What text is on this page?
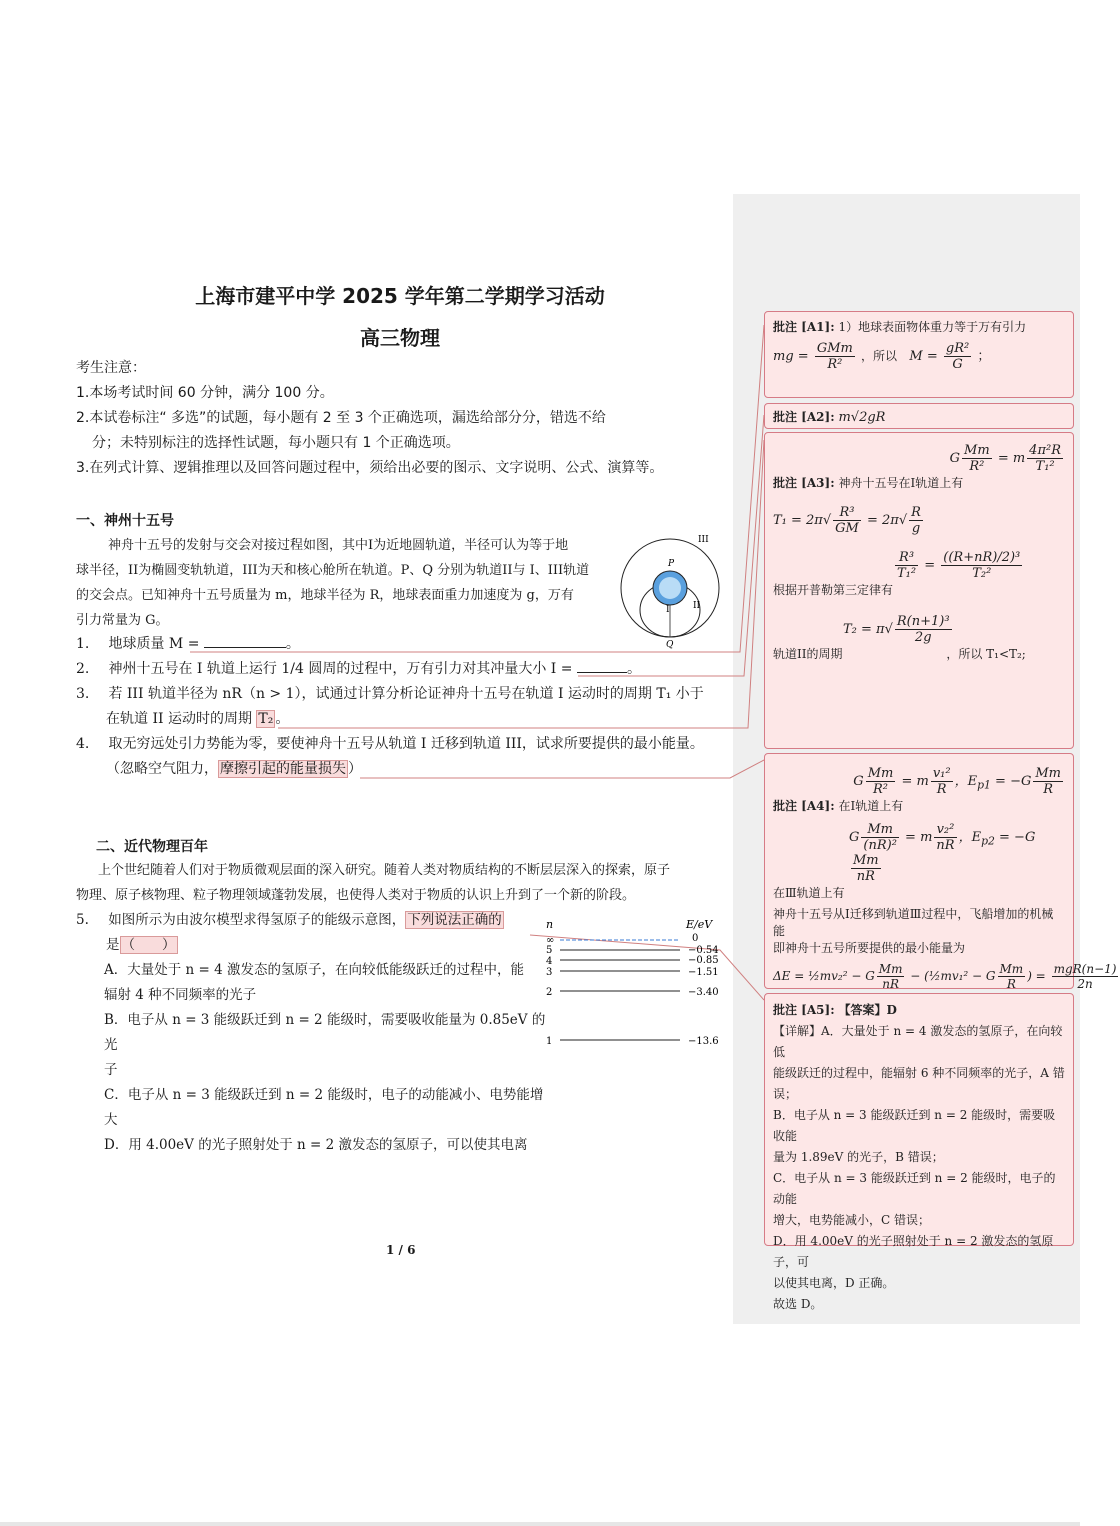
上海市建平中学 2025 学年第二学期学习活动
高三物理
考生注意：
1.本场考试时间 60 分钟，满分 100 分。
2.本试卷标注“ 多选”的试题，每小题有 2 至 3 个正确选项，漏选给部分分，错选不给
分；未特别标注的选择性试题，每小题只有 1 个正确选项。
3.在列式计算、逻辑推理以及回答问题过程中，须给出必要的图示、文字说明、公式、演算等。
一、神州十五号
神舟十五号的发射与交会对接过程如图，其中I为近地圆轨道，半径可认为等于地
球半径，II为椭圆变轨轨道，III为天和核心舱所在轨道。P、Q 分别为轨道II与 I、III轨道
的交会点。已知神舟十五号质量为 m，地球半径为 R，地球表面重力加速度为 g，万有
引力常量为 G。
III
P
I	II
Q
1. 地球质量 M =	。
2. 神州十五号在 I 轨道上运行 1/4 圆周的过程中，万有引力对其冲量大小 I =	。
3. 若 III 轨道半径为 nR（n > 1），试通过计算分析论证神舟十五号在轨道 I 运动时的周期 T₁ 小于
在轨道 II 运动时的周期 T₂ 。
4. 取无穷远处引力势能为零，要使神舟十五号从轨道 I 迁移到轨道 III，试求所要提供的最小能量。
（忽略空气阻力， 摩擦引起的能量损失 ）
二、近代物理百年
上个世纪随着人们对于物质微观层面的深入研究。随着人类对物质结构的不断层层深入的探索，原子
物理、原子核物理、粒子物理领域蓬勃发展，也使得人类对于物质的认识上升到了一个新的阶段。
5. 如图所示为由波尔模型求得氢原子的能级示意图， 下列说法正确的
是 （　　）
A．大量处于 n = 4 激发态的氢原子，在向较低能级跃迁的过程中，能
辐射 4 种不同频率的光子
B．电子从 n = 3 能级跃迁到 n = 2 能级时，需要吸收能量为 0.85eV 的光
子
C．电子从 n = 3 能级跃迁到 n = 2 能级时，电子的动能减小、电势能增大
D．用 4.00eV 的光子照射处于 n = 2 激发态的氢原子，可以使其电离
n	E/eV
∞	0
5	−0.54
4	−0.85
3	−1.51
2	−3.40
1	−13.6
1 / 6
批注 [A1]: 1）地球表面物体重力等于万有引力
mg = $\frac{\text{GMm}}{\text{R²}}$ ，所以   $M = \frac{\text{gR²}}{G}$ ；
批注 [A2]: m√2gR
G $\frac{Mm}{\text{R²}} = m \frac{\text{4π²R}}{\text{T₁²}}$
批注 [A3]: 神舟十五号在Ⅰ轨道上有
$T_1 = 2\pi√ \frac{\text{R³}}{GM} = 2\pi√ \frac{R}{g}$
$\frac{\text{R³}}{\text{T₁²}} = \frac{\text{((R+nR)/2)³}}{\text{T₂²}}$
根据开普勒第三定律有
$T_2 = \pi√ \frac{\text{R(n+1)³}}{2g}$
轨道II的周期	，所以 T₁<T₂;
G $\frac{Mm}{\text{R²}} = m \frac{\text{v₁²}}{R}$ ，$E_{p1} = -G \frac{Mm}{R}$
批注 [A4]: 在Ⅰ轨道上有
G $\frac{Mm}{\text{(nR)²}} = m \frac{\text{v₂²}}{nR}$ ，$E_{p2} = -G$
$\frac{Mm}{nR}$
在Ⅲ轨道上有
神舟十五号从Ⅰ迁移到轨道Ⅲ过程中，飞船增加的机械能
即神舟十五号所要提供的最小能量为
ΔE = ½mv₂² − G $\frac{Mm}{nR}$ − (½mv₁² − G $\frac{Mm}{R}$ ) = $\frac{\text{mgR(n−1)}}{2n}$
批注 [A5]: 【答案】D
【详解】A．大量处于 n = 4 激发态的氢原子，在向较低
能级跃迁的过程中，能辐射 6 种不同频率的光子，A 错
误；
B．电子从 n = 3 能级跃迁到 n = 2 能级时，需要吸收能
量为 1.89eV 的光子，B 错误；
C．电子从 n = 3 能级跃迁到 n = 2 能级时，电子的动能
增大，电势能减小，C 错误；
D．用 4.00eV 的光子照射处于 n = 2 激发态的氢原子，可
以使其电离，D 正确。
故选 D。
